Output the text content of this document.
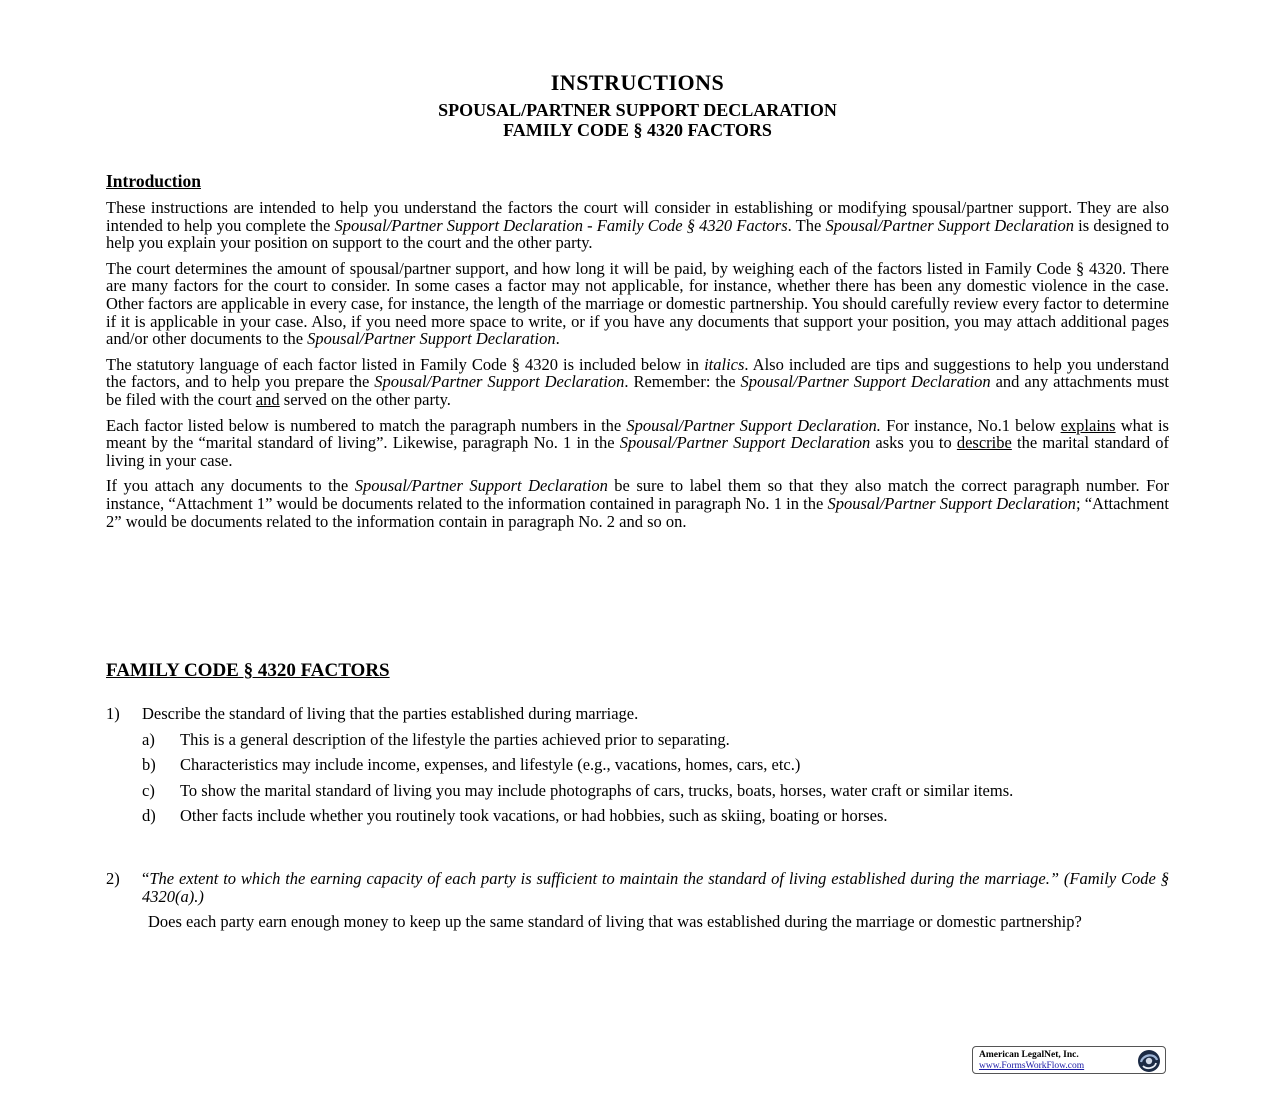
INSTRUCTIONS
SPOUSAL/PARTNER SUPPORT DECLARATION
FAMILY CODE § 4320 FACTORS
Introduction

These instructions are intended to help you understand the factors the court will consider in establishing or modifying spousal/partner support. They are also intended to help you complete the Spousal/Partner Support Declaration - Family Code § 4320 Factors. The Spousal/Partner Support Declaration is designed to help you explain your position on support to the court and the other party.

The court determines the amount of spousal/partner support, and how long it will be paid, by weighing each of the factors listed in Family Code § 4320. There are many factors for the court to consider. In some cases a factor may not applicable, for instance, whether there has been any domestic violence in the case. Other factors are applicable in every case, for instance, the length of the marriage or domestic partnership. You should carefully review every factor to determine if it is applicable in your case. Also, if you need more space to write, or if you have any documents that support your position, you may attach additional pages and/or other documents to the Spousal/Partner Support Declaration.

The statutory language of each factor listed in Family Code § 4320 is included below in italics. Also included are tips and suggestions to help you understand the factors, and to help you prepare the Spousal/Partner Support Declaration. Remember: the Spousal/Partner Support Declaration and any attachments must be filed with the court and served on the other party.

Each factor listed below is numbered to match the paragraph numbers in the Spousal/Partner Support Declaration. For instance, No.1 below explains what is meant by the “marital standard of living”. Likewise, paragraph No. 1 in the Spousal/Partner Support Declaration asks you to describe the marital standard of living in your case.

If you attach any documents to the Spousal/Partner Support Declaration be sure to label them so that they also match the correct paragraph number. For instance, “Attachment 1” would be documents related to the information contained in paragraph No. 1 in the Spousal/Partner Support Declaration; “Attachment 2” would be documents related to the information contain in paragraph No. 2 and so on.

FAMILY CODE § 4320 FACTORS
1)	Describe the standard of living that the parties established during marriage.
a)	This is a general description of the lifestyle the parties achieved prior to separating.
b)	Characteristics may include income, expenses, and lifestyle (e.g., vacations, homes, cars, etc.)
c)	To show the marital standard of living you may include photographs of cars, trucks, boats, horses, water craft or similar items.
d)	Other facts include whether you routinely took vacations, or had hobbies, such as skiing, boating or horses.
2)	“The extent to which the earning capacity of each party is sufficient to maintain the standard of living established during the marriage.” (Family Code § 4320(a).)
Does each party earn enough money to keep up the same standard of living that was established during the marriage or domestic partnership?
American LegalNet, Inc.
www.FormsWorkFlow.com
